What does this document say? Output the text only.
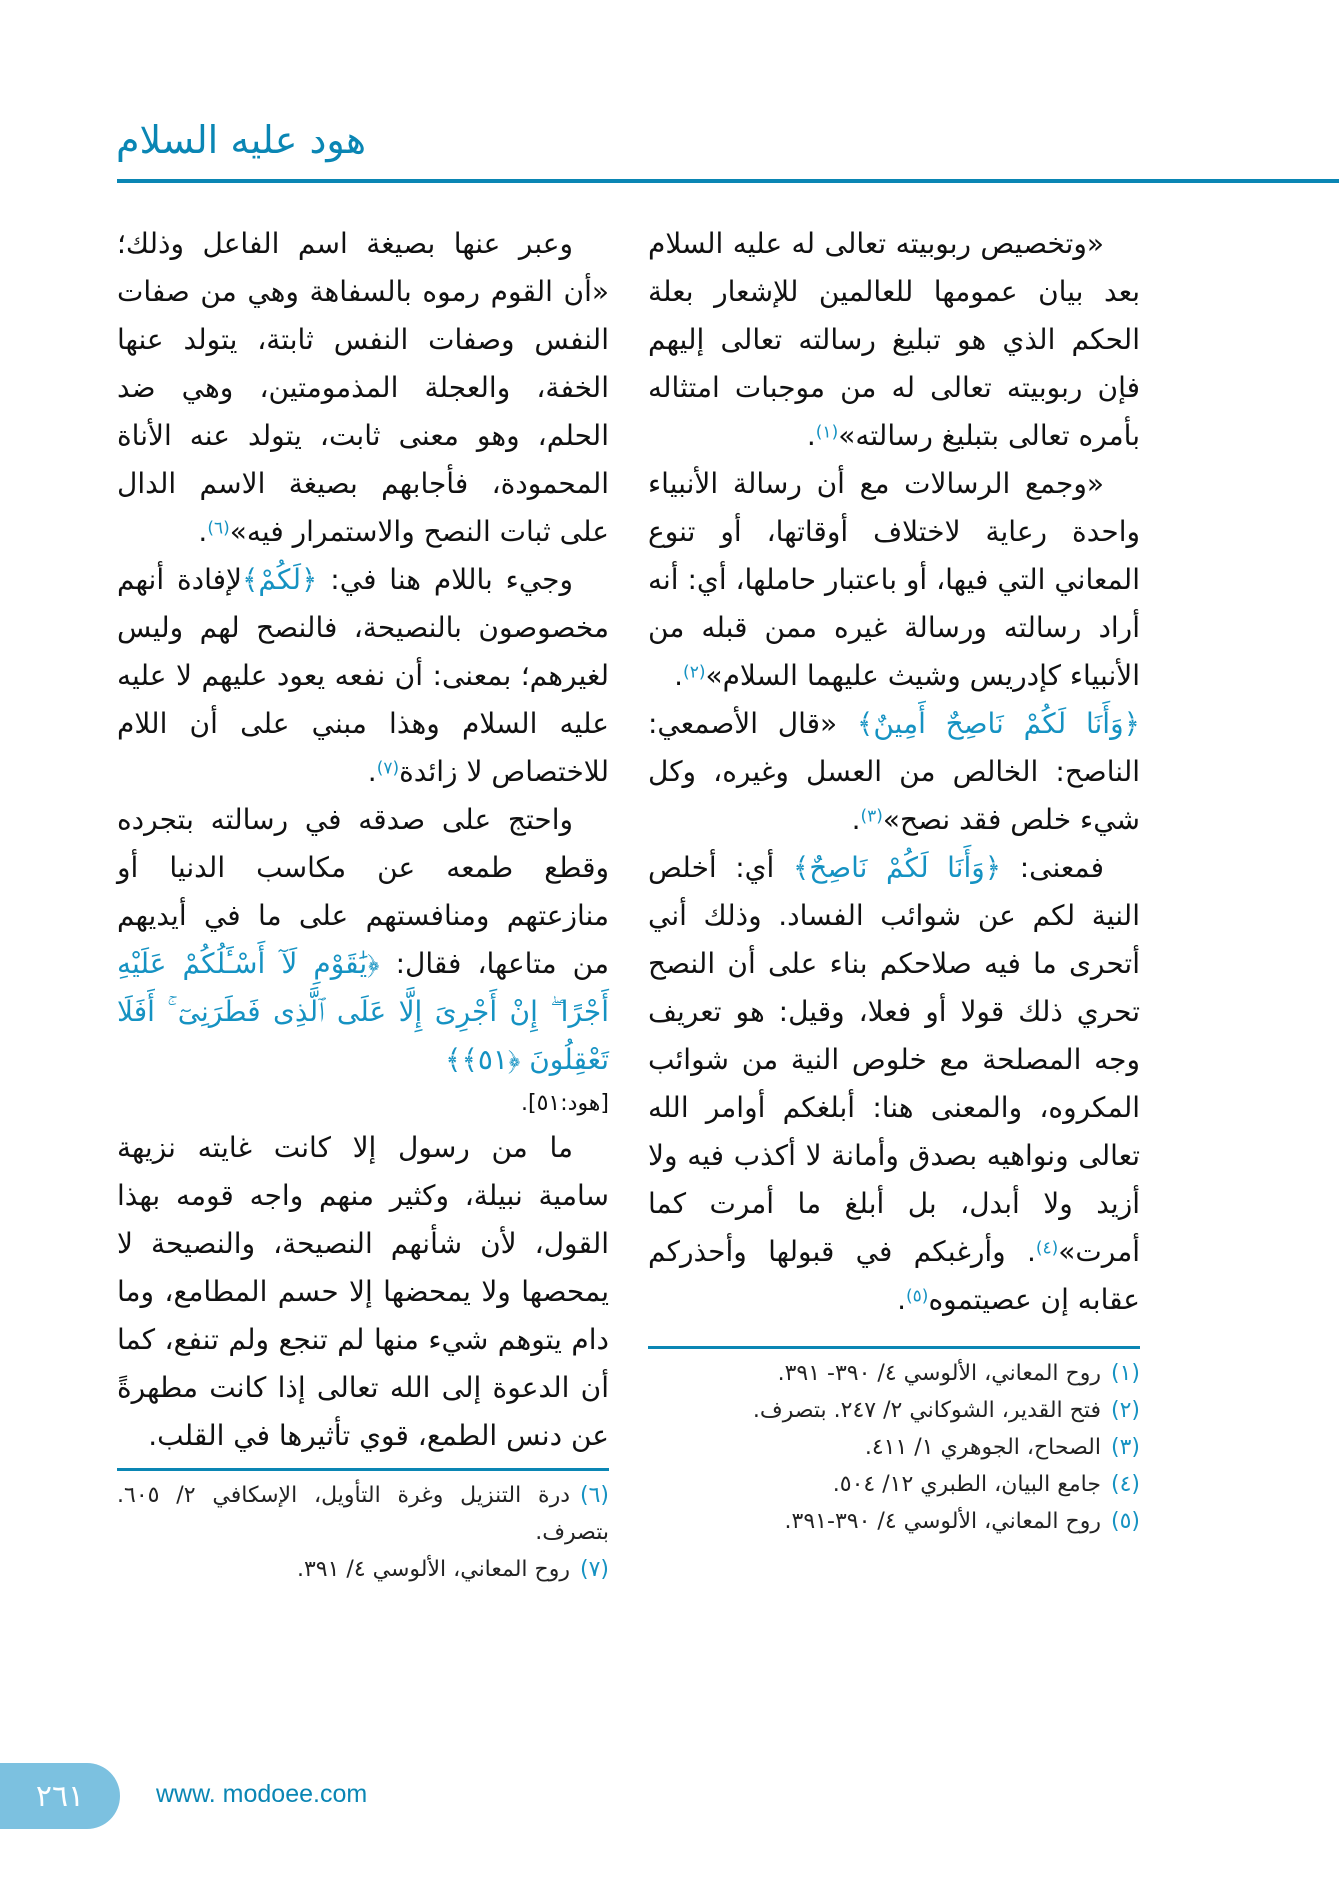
هود عليه السلام

«وتخصيص ربوبيته تعالى له عليه السلام بعد بيان عمومها للعالمين للإشعار بعلة الحكم الذي هو تبليغ رسالته تعالى إليهم فإن ربوبيته تعالى له من موجبات امتثاله بأمره تعالى بتبليغ رسالته»$^{(١)}$.

«وجمع الرسالات مع أن رسالة الأنبياء واحدة رعاية لاختلاف أوقاتها، أو تنوع المعاني التي فيها، أو باعتبار حاملها، أي: أنه أراد رسالته ورسالة غيره ممن قبله من الأنبياء كإدريس وشيث عليهما السلام»$^{(٢)}$.

﴿وَأَنَا لَكُمْ نَاصِحٌ أَمِينٌ﴾ «قال الأصمعي: الناصح: الخالص من العسل وغيره، وكل شيء خلص فقد نصح»$^{(٣)}$.

فمعنى: ﴿وَأَنَا لَكُمْ نَاصِحٌ﴾ أي: أخلص النية لكم عن شوائب الفساد. وذلك أني أتحرى ما فيه صلاحكم بناء على أن النصح تحري ذلك قولا أو فعلا، وقيل: هو تعريف وجه المصلحة مع خلوص النية من شوائب المكروه، والمعنى هنا: أبلغكم أوامر الله تعالى ونواهيه بصدق وأمانة لا أكذب فيه ولا أزيد ولا أبدل، بل أبلغ ما أمرت كما أمرت»$^{(٤)}$. وأرغبكم في قبولها وأحذركم عقابه إن عصيتموه$^{(٥)}$.

(١)روح المعاني، الألوسي ٤/ ٣٩٠- ٣٩١.
(٢)فتح القدير، الشوكاني ٢/ ٢٤٧. بتصرف.
(٣)الصحاح، الجوهري ١/ ٤١١.
(٤)جامع البيان، الطبري ١٢/ ٥٠٤.
(٥)روح المعاني، الألوسي ٤/ ٣٩٠-٣٩١.

وعبر عنها بصيغة اسم الفاعل وذلك؛ «أن القوم رموه بالسفاهة وهي من صفات النفس وصفات النفس ثابتة، يتولد عنها الخفة، والعجلة المذمومتين، وهي ضد الحلم، وهو معنى ثابت، يتولد عنه الأناة المحمودة، فأجابهم بصيغة الاسم الدال على ثبات النصح والاستمرار فيه»$^{(٦)}$.

وجيء باللام هنا في: ﴿لَكُمْ﴾لإفادة أنهم مخصوصون بالنصيحة، فالنصح لهم وليس لغيرهم؛ بمعنى: أن نفعه يعود عليهم لا عليه عليه السلام وهذا مبني على أن اللام للاختصاص لا زائدة$^{(٧)}$.

واحتج على صدقه في رسالته بتجرده وقطع طمعه عن مكاسب الدنيا أو منازعتهم ومنافستهم على ما في أيديهم من متاعها، فقال: ﴿يَٰقَوْمِ لَآ أَسْـَٔلُكُمْ عَلَيْهِ أَجْرًا ۖ إِنْ أَجْرِىَ إِلَّا عَلَى ٱلَّذِى فَطَرَنِىٓ ۚ أَفَلَا تَعْقِلُونَ ﴿٥١﴾﴾

[هود:٥١].

ما من رسول إلا كانت غايته نزيهة سامية نبيلة، وكثير منهم واجه قومه بهذا القول، لأن شأنهم النصيحة، والنصيحة لا يمحصها ولا يمحضها إلا حسم المطامع، وما دام يتوهم شيء منها لم تنجع ولم تنفع، كما أن الدعوة إلى الله تعالى إذا كانت مطهرةً عن دنس الطمع، قوي تأثيرها في القلب.

(٦)درة التنزيل وغرة التأويل، الإسكافي ٢/ ٦٠٥. بتصرف.
(٧)روح المعاني، الألوسي ٤/ ٣٩١.
٢٦١	www. modoee.com
